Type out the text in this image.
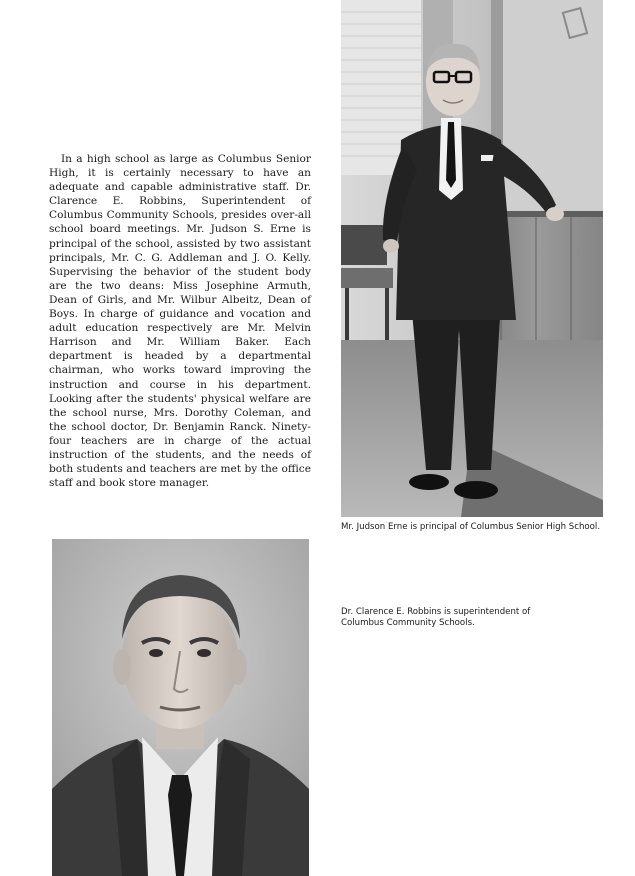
In a high school as large as Columbus Senior High, it is certainly necessary to have an adequate and capable administrative staff. Dr. Clarence E. Robbins, Superintendent of Columbus Community Schools, presides over-all school board meetings. Mr. Judson S. Erne is principal of the school, assisted by two assistant principals, Mr. C. G. Addleman and J. O. Kelly. Supervising the behavior of the student body are the two deans: Miss Josephine Armuth, Dean of Girls, and Mr. Wilbur Albeitz, Dean of Boys. In charge of guidance and vocation and adult education respectively are Mr. Melvin Harrison and Mr. William Baker. Each department is headed by a departmental chairman, who works toward improving the instruction and course in his department. Looking after the students' physical welfare are the school nurse, Mrs. Dorothy Coleman, and the school doctor, Dr. Benjamin Ranck. Ninety-four teachers are in charge of the actual instruction of the students, and the needs of both students and teachers are met by the office staff and book store manager.

Mr. Judson Erne is principal of Columbus Senior High School.

Dr. Clarence E. Robbins is superintendent of Columbus Community Schools.
